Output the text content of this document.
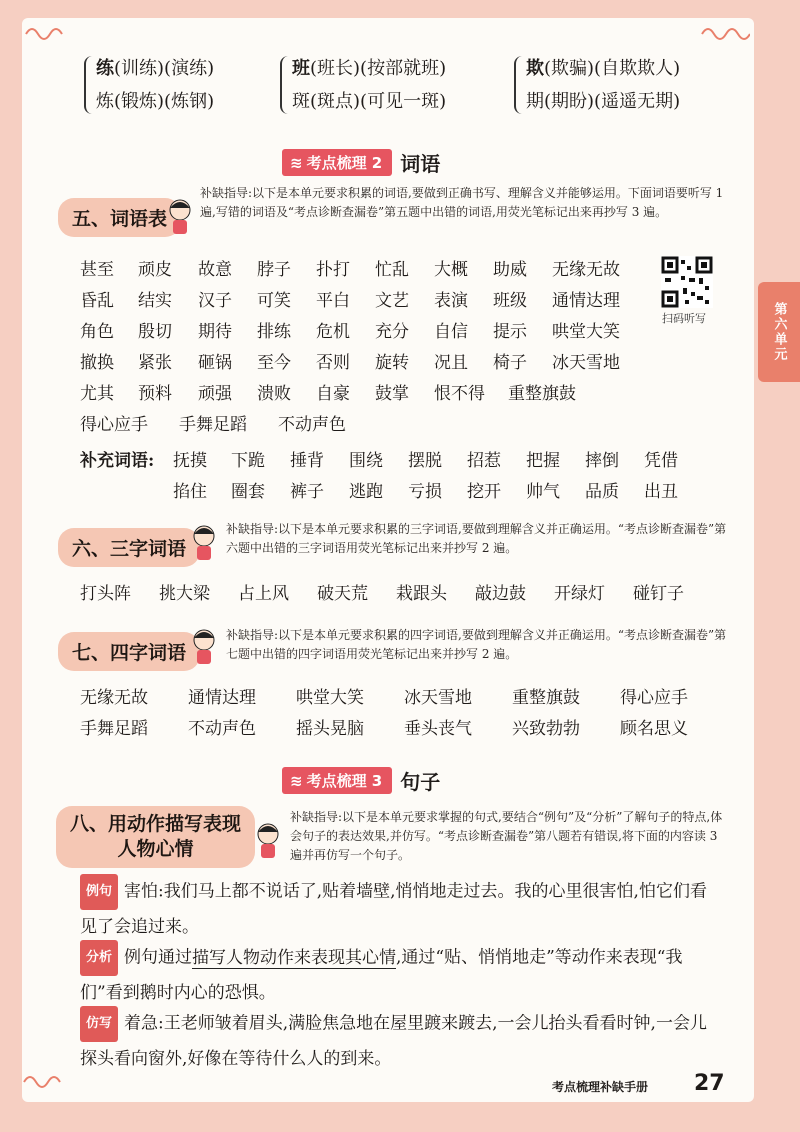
练(训练)(演练)
炼(锻炼)(炼钢)
班(班长)(按部就班)
斑(斑点)(可见一斑)
欺(欺骗)(自欺欺人)
期(期盼)(遥遥无期)
≋ 考点梳理 2 词语
五、词语表
补缺指导:以下是本单元要求积累的词语,要做到正确书写、理解含义并能够运用。下面词语要听写 1 遍,写错的词语及“考点诊断查漏卷”第五题中出错的词语,用荧光笔标记出来再抄写 3 遍。
甚至	顽皮	故意	脖子	扑打	忙乱	大概	助威	无缘无故
昏乱	结实	汉子	可笑	平白	文艺	表演	班级	通情达理
角色	殷切	期待	排练	危机	充分	自信	提示	哄堂大笑
撤换	紧张	砸锅	至今	否则	旋转	况且	椅子	冰天雪地
尤其	预料	顽强	溃败	自豪	鼓掌	恨不得	重整旗鼓
得心应手	手舞足蹈	不动声色
扫码听写
补充词语:	抚摸	下跪	捶背	围绕	摆脱	招惹	把握	摔倒	凭借
掐住	圈套	裤子	逃跑	亏损	挖开	帅气	品质	出丑
第六单元
六、三字词语
补缺指导:以下是本单元要求积累的三字词语,要做到理解含义并正确运用。“考点诊断查漏卷”第六题中出错的三字词语用荧光笔标记出来并抄写 2 遍。
打头阵	挑大梁	占上风	破天荒	栽跟头	敲边鼓	开绿灯	碰钉子
七、四字词语
补缺指导:以下是本单元要求积累的四字词语,要做到理解含义并正确运用。“考点诊断查漏卷”第七题中出错的四字词语用荧光笔标记出来并抄写 2 遍。
无缘无故	通情达理	哄堂大笑	冰天雪地	重整旗鼓	得心应手
手舞足蹈	不动声色	摇头晃脑	垂头丧气	兴致勃勃	顾名思义
≋ 考点梳理 3 句子
八、用动作描写表现
人物心情
补缺指导:以下是本单元要求掌握的句式,要结合“例句”及“分析”了解句子的特点,体会句子的表达效果,并仿写。“考点诊断查漏卷”第八题若有错误,将下面的内容读 3 遍并再仿写一个句子。
例句 害怕:我们马上都不说话了,贴着墙壁,悄悄地走过去。我的心里很害怕,怕它们看见了会追过来。
分析 例句通过描写人物动作来表现其心情,通过“贴、悄悄地走”等动作来表现“我们”看到鹅时内心的恐惧。
仿写 着急:王老师皱着眉头,满脸焦急地在屋里踱来踱去,一会儿抬头看看时钟,一会儿探头看向窗外,好像在等待什么人的到来。
考点梳理补缺手册 27
